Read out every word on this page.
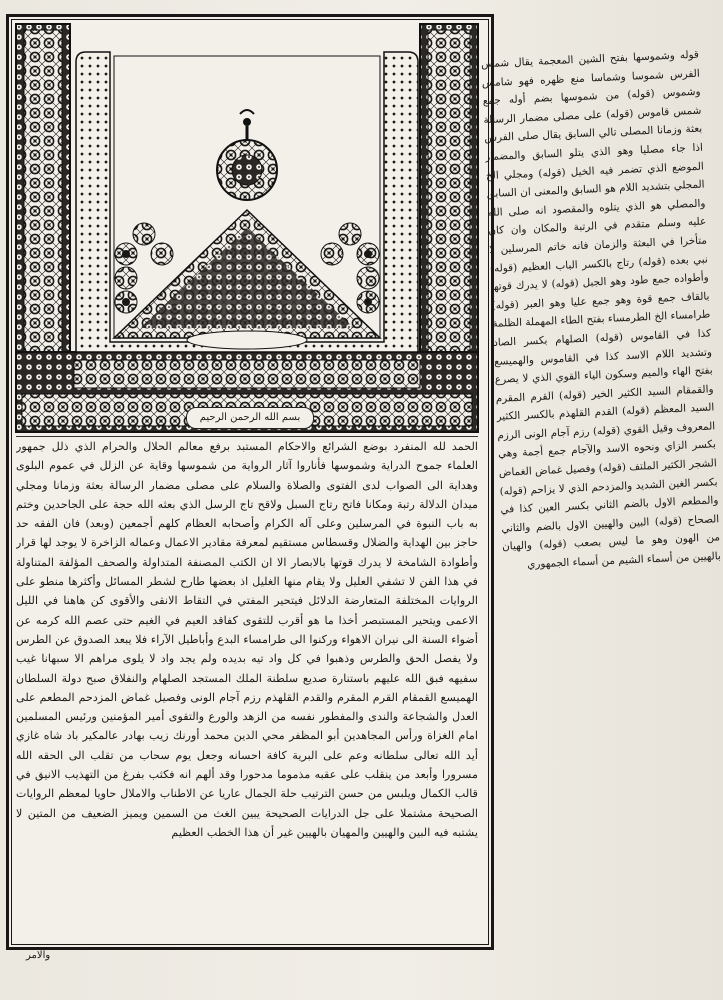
بسم الله الرحمن الرحيم

الحمد لله المنفرد بوضع الشرائع والاحكام المستبد برفع معالم الحلال والحرام الذي ذلل جمهور العلماء جموح الدراية وشموسها فأناروا آثار الرواية من شموسها وقاية عن الزلل في عموم البلوى وهداية الى الصواب لدى الفتوى والصلاة والسلام على مصلى مضمار الرسالة بعثة وزمانا ومجلي ميدان الدلالة رتبة ومكانا فاتح رتاج السبل ولاقح تاج الرسل الذي بعثه الله حجة على الجاحدين وختم به باب النبوة في المرسلين وعلى آله الكرام وأصحابه العظام كلهم أجمعين (وبعد) فان الفقه حد حاجز بين الهداية والضلال وقسطاس مستقيم لمعرفة مقادير الاعمال وعماله الزاخرة لا يوجد لها قرار وأطوادة الشامخة لا يدرك قوتها بالابصار الا ان الكتب المصنفة المتداولة والصحف المؤلفة المتناولة في هذا الفن لا تشفي العليل ولا يقام منها الغليل اذ بعضها طارح لشطر المسائل وأكثرها منطو على الروايات المختلفة المتعارضة الدلائل فيتحير المفتي في التقاط الانقى والأقوى كن هاهنا في الليل الاعمى ويتحير المستبصر أخذا ما هو أقرب للتقوى كفاقد العيم في الغيم حتى عصم الله كرمه عن أضواء السنة الى نيران الاهواء وركنوا الى طرامساء البدع وأباطيل الآراء فلا يبعد الصدوق عن الطرس ولا يفصل الحق والطرس وذهبوا في كل واد تيه بديده ولم يجد واد لا يلوى مراهم الا سبهانا غيب سفيهه فبق الله عليهم باستنارة صديع سلطنة الملك المستجد الصلهام والنفلاق صبح دولة السلطان الهميسع القمقام القرم المقرم والقدم القلهذم رزم آجام الونى وفصيل غماض المزدحم المطعم على العدل والشجاعة والندى والمفطور نفسه من الزهد والورع والتقوى أمير المؤمنين ورئيس المسلمين امام الغزاة ورأس المجاهدين أبو المظفر محي الدين محمد أورنك زيب بهادر عالمكير باد شاه غازي أيد الله تعالى سلطانه وعم على البرية كافة احسانه وجعل يوم سحاب من تقلب الى الحقه الله مسرورا وأبعد من ينقلب على عقبه مذموما مدحورا وقد ألهم انه فكثب بفرغ من التهذيب الانيق في قالب الكمال ويلبس من حسن الترتيب حلة الجمال عاريا عن الاطناب والاملال حاويا لمعظم الروايات الصحيحة مشتملا على جل الدرايات الصحيحة يبين الغث من السمين ويميز الضعيف من المتين لا يشتبه فيه البين والهيين والمهيان بالهيين غير أن هذا الخطب العظيم

قوله وشموسها بفتح الشين المعجمة يقال شمس الفرس شموسا وشماسا منع ظهره فهو شامس وشموس (قوله) من شموسها بضم أوله جمع شمس قاموس (قوله) على مصلى مضمار الرسالة بعثة وزمانا المصلى تالي السابق يقال صلى الفرس اذا جاء مصليا وهو الذي يتلو السابق والمضمار الموضع الذي تضمر فيه الخيل (قوله) ومجلي الخ المجلي بتشديد اللام هو السابق والمعنى ان السابق والمصلي هو الذي يتلوه والمقصود انه صلى الله عليه وسلم متقدم في الرتبة والمكان وان كان متأخرا في البعثة والزمان فانه خاتم المرسلين لا نبي بعده (قوله) رتاج بالكسر الباب العظيم (قوله) وأطواده جمع طود وهو الجبل (قوله) لا يدرك قوتها بالقاف جمع قوة وهو جمع عليا وهو العبر (قوله) طرامساء الخ الطرمساء بفتح الطاء المهملة الظلمة كذا في القاموس (قوله) الصلهام بكسر الصاد وتشديد اللام الاسد كذا في القاموس والهميسع بفتح الهاء والميم وسكون الياء القوي الذي لا يصرع والقمقام السيد الكثير الخير (قوله) القرم المقرم السيد المعظم (قوله) القدم القلهذم بالكسر الكثير المعروف وقيل القوي (قوله) رزم آجام الونى الرزم بكسر الزاي ونحوه الاسد والآجام جمع أجمة وهي الشجر الكثير الملتف (قوله) وفصيل غماض الغماض بكسر الغين الشديد والمزدحم الذي لا يزاحم (قوله) والمطعم الاول بالضم الثاني بكسر العين كذا في الصحاح (قوله) البين والهيين الاول بالضم والثاني من الهون وهو ما ليس بصعب (قوله) والهيان بالهيين من أسماء الشيم من أسماء الجمهوري

والامر
